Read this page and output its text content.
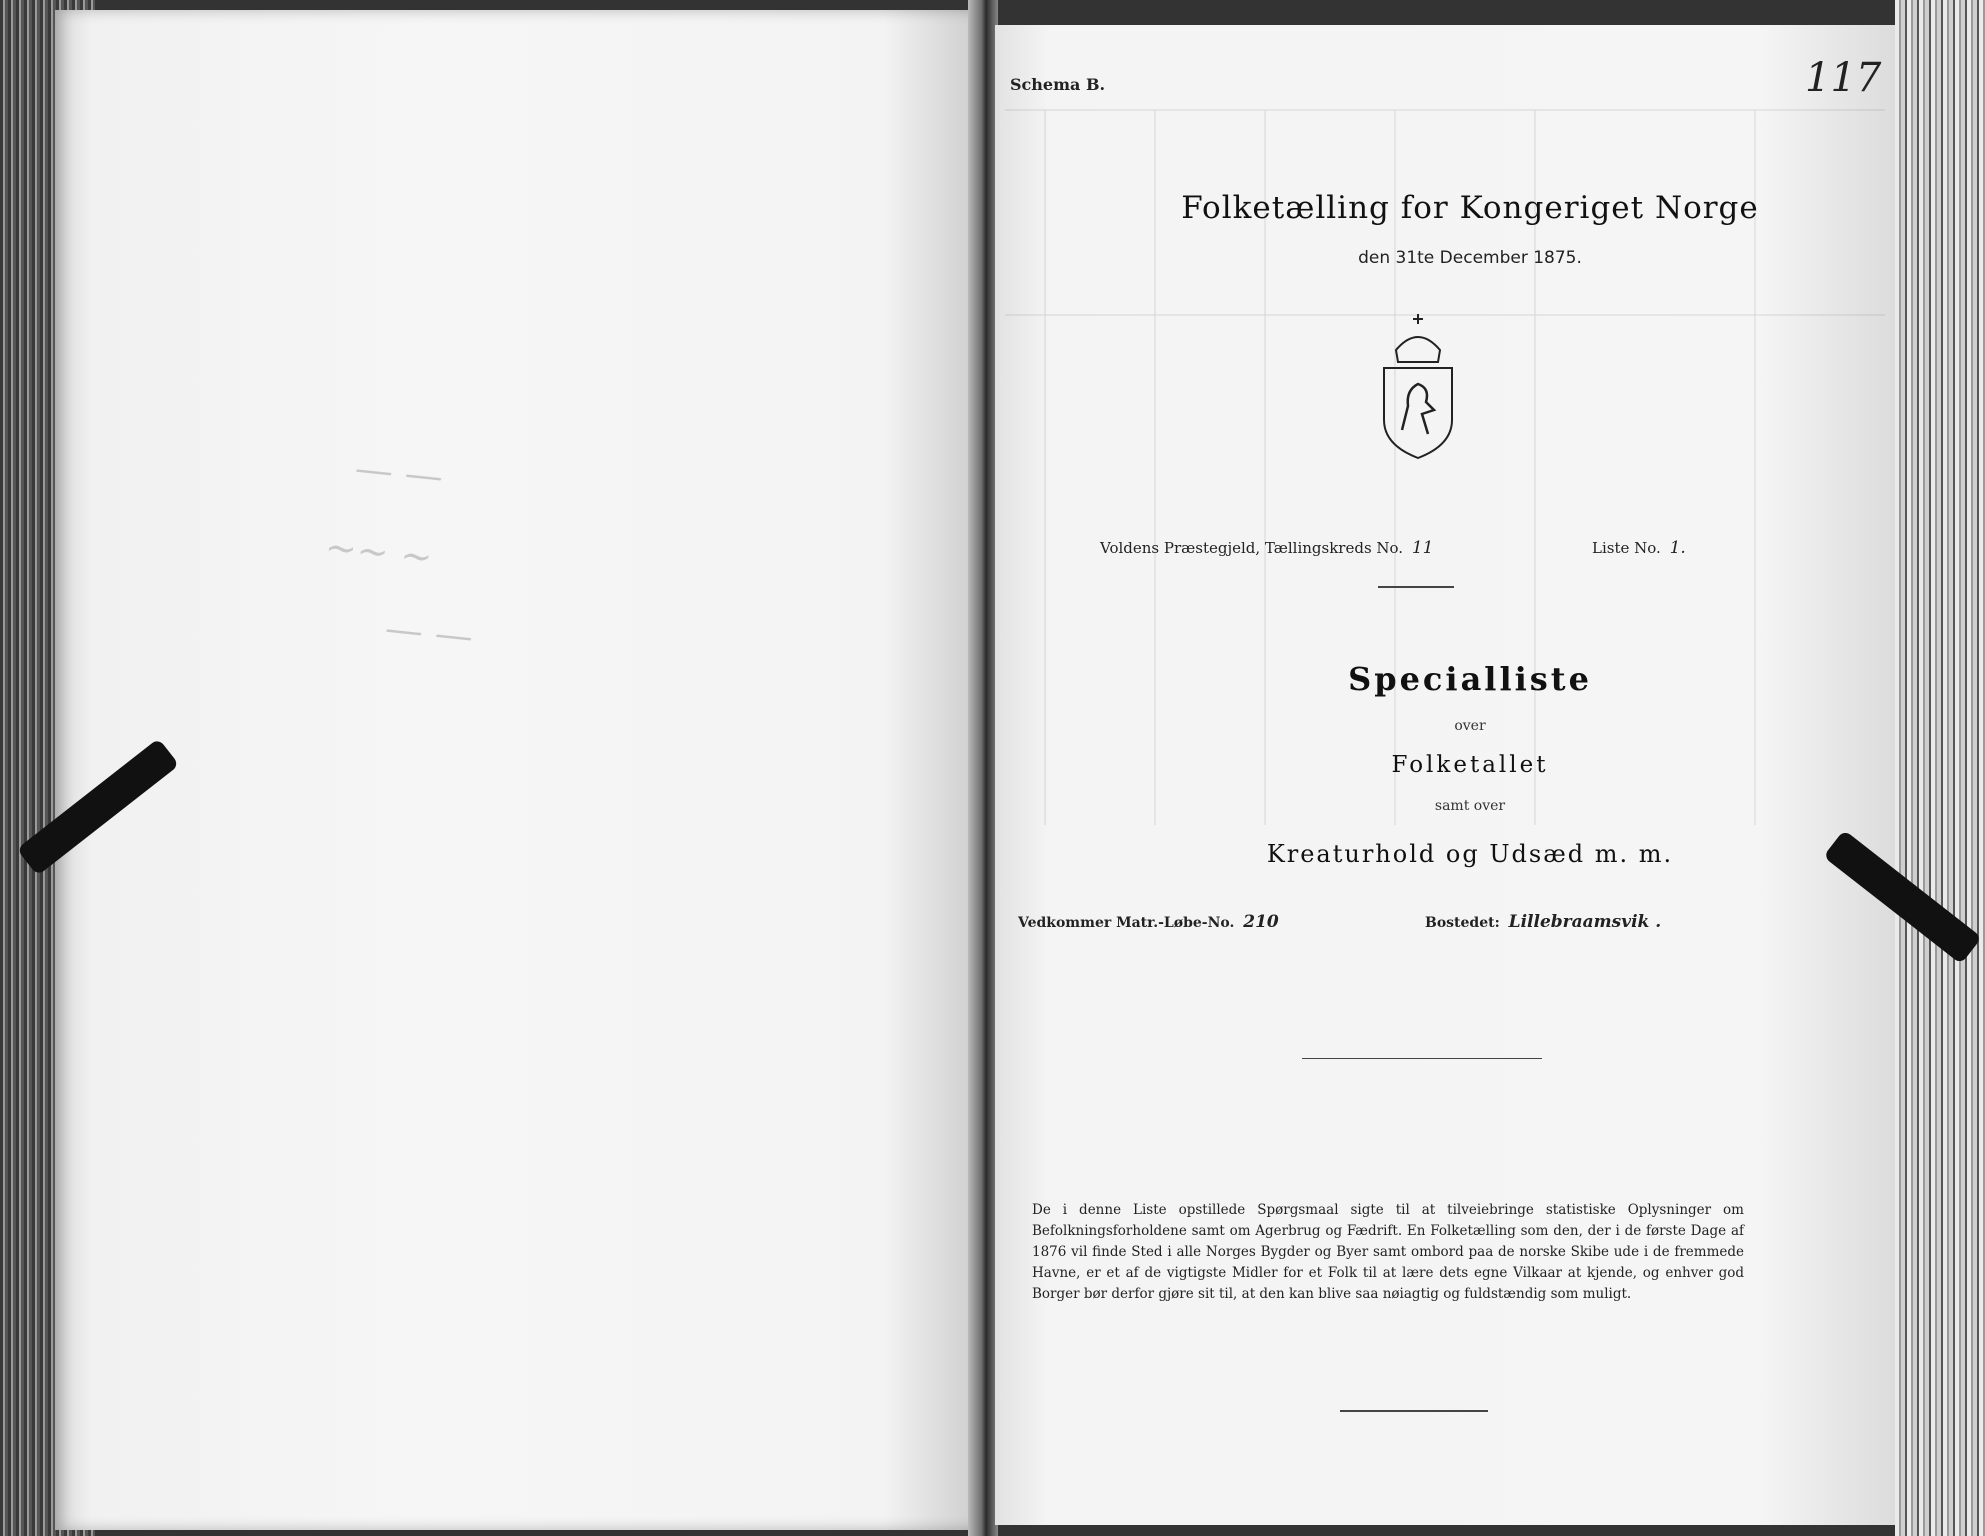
— —
~~ ~
— —
Schema B.	117
Folketælling for Kongeriget Norge
den 31te December 1875.
Voldens Præstegjeld, Tællingskreds No. 11	Liste No. 1.
Specialliste
over
Folketallet
samt over
Kreaturhold og Udsæd m. m.
Vedkommer Matr.-Løbe-No. 210	Bostedet: Lillebraamsvik .
De i denne Liste opstillede Spørgsmaal sigte til at tilveiebringe statistiske Oplysninger om Befolkningsforholdene samt om Agerbrug og Fædrift. En Folketælling som den, der i de første Dage af 1876 vil finde Sted i alle Norges Bygder og Byer samt ombord paa de norske Skibe ude i de fremmede Havne, er et af de vigtigste Midler for et Folk til at lære dets egne Vilkaar at kjende, og enhver god Borger bør derfor gjøre sit til, at den kan blive saa nøiagtig og fuldstændig som muligt.
